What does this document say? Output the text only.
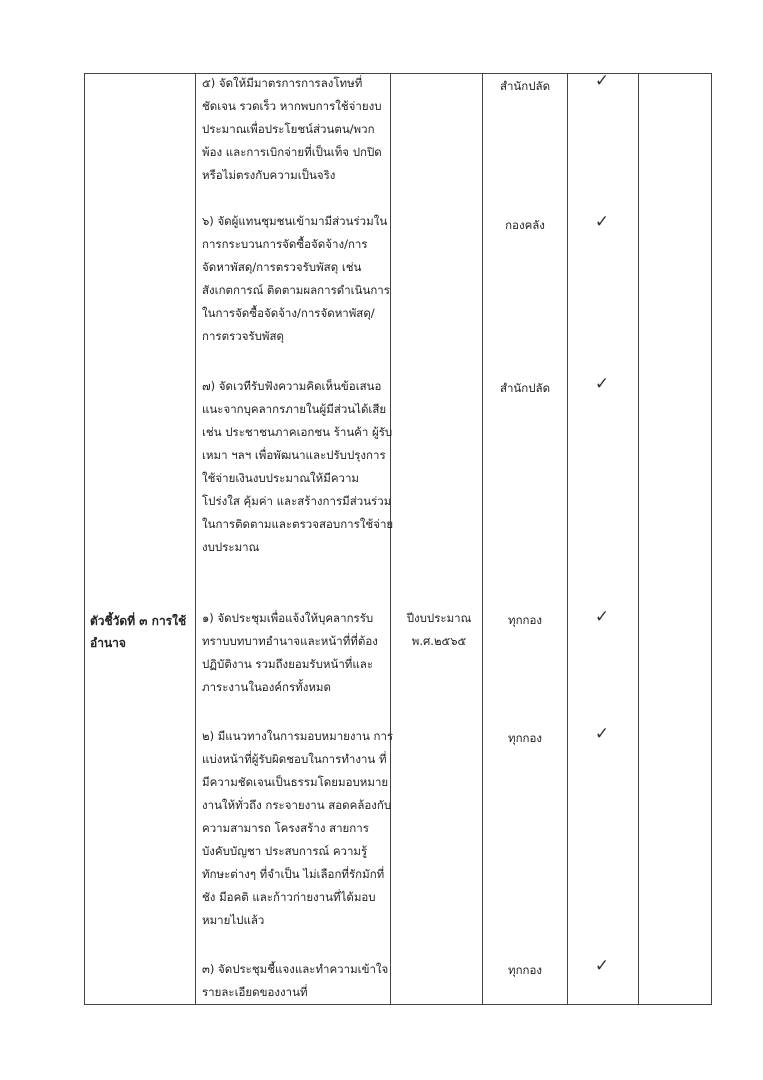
ตัวชี้วัดที่ ๓ การใช้อำนาจ
ปีงบประมาณ พ.ศ.๒๕๖๕

๕) จัดให้มีมาตรการการลงโทษที่ชัดเจน รวดเร็ว หากพบการใช้จ่ายงบประมาณเพื่อประโยชน์ส่วนตน/พวกพ้อง และการเบิกจ่ายที่เป็นเท็จ ปกปิด หรือไม่ตรงกับความเป็นจริง

๖) จัดผู้แทนชุมชนเข้ามามีส่วนร่วมในการกระบวนการจัดซื้อจัดจ้าง/การจัดหาพัสดุ/การตรวจรับพัสดุ เช่น สังเกตการณ์ ติดตามผลการดำเนินการในการจัดซื้อจัดจ้าง/การจัดหาพัสดุ/การตรวจรับพัสดุ

๗) จัดเวทีรับฟังความคิดเห็นข้อเสนอแนะจากบุคลากรภายในผู้มีส่วนได้เสีย เช่น ประชาชนภาคเอกชน ร้านค้า ผู้รับเหมา ฯลฯ เพื่อพัฒนาและปรับปรุงการใช้จ่ายเงินงบประมาณให้มีความโปร่งใส คุ้มค่า และสร้างการมีส่วนร่วมในการติดตามและตรวจสอบการใช้จ่ายงบประมาณ

๑) จัดประชุมเพื่อแจ้งให้บุคลากรรับทราบบทบาทอำนาจและหน้าที่ที่ต้องปฏิบัติงาน รวมถึงยอมรับหน้าที่และภาระงานในองค์กรทั้งหมด

๒) มีแนวทางในการมอบหมายงาน การแบ่งหน้าที่ผู้รับผิดชอบในการทำงาน ที่มีความชัดเจนเป็นธรรมโดยมอบหมายงานให้ทั่วถึง กระจายงาน สอดคล้องกับความสามารถ โครงสร้าง สายการบังคับบัญชา ประสบการณ์ ความรู้ ทักษะต่างๆ ที่จำเป็น ไม่เลือกที่รักมักที่ชัง มีอคติ และก้าวก่ายงานที่ได้มอบหมายไปแล้ว

๓) จัดประชุมชี้แจงและทำความเข้าใจรายละเอียดของงานที่

สำนักปลัด
กองคลัง
สำนักปลัด
ทุกกอง
ทุกกอง
ทุกกอง
✓
✓
✓
✓
✓
✓
